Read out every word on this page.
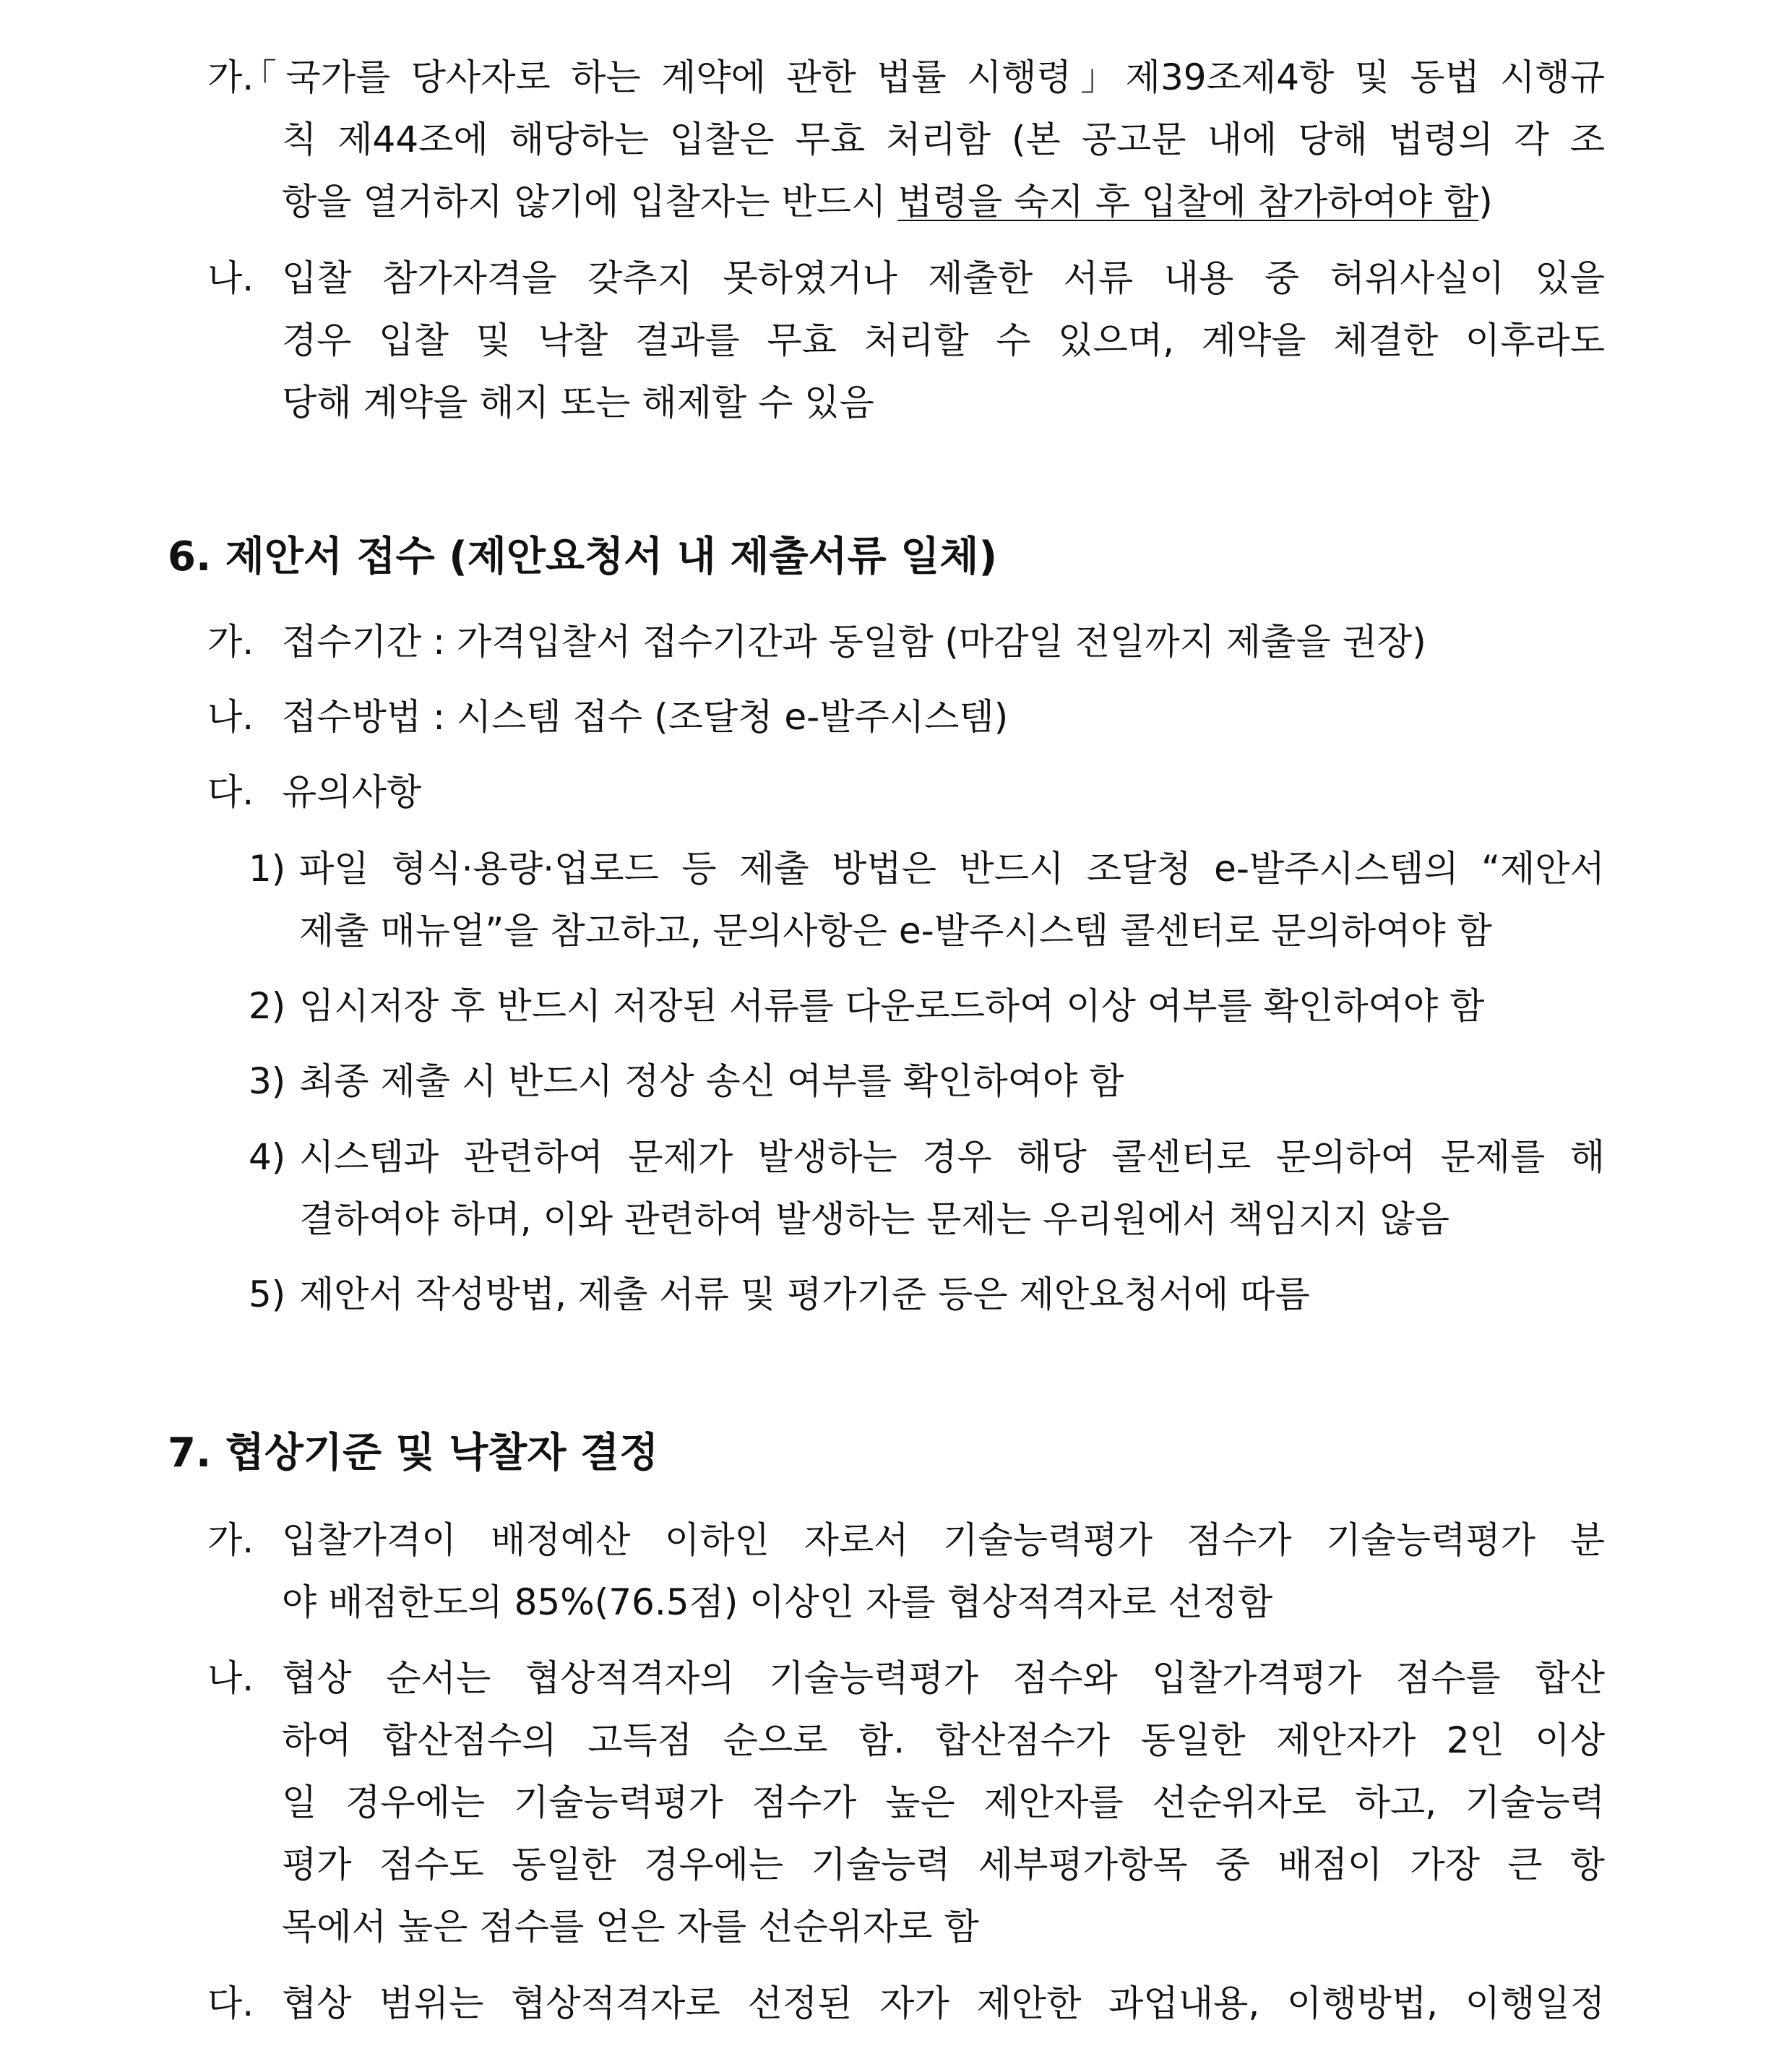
가.
「국가를 당사자로 하는 계약에 관한 법률 시행령」제39조제4항 및 동법 시행규
칙 제44조에 해당하는 입찰은 무효 처리함 (본 공고문 내에 당해 법령의 각 조
항을 열거하지 않기에 입찰자는 반드시 법령을 숙지 후 입찰에 참가하여야 함)
나. 입찰 참가자격을 갖추지 못하였거나 제출한 서류 내용 중 허위사실이 있을
경우 입찰 및 낙찰 결과를 무효 처리할 수 있으며, 계약을 체결한 이후라도
당해 계약을 해지 또는 해제할 수 있음
6. 제안서 접수 (제안요청서 내 제출서류 일체)
가. 접수기간 : 가격입찰서 접수기간과 동일함 (마감일 전일까지 제출을 권장)
나. 접수방법 : 시스템 접수 (조달청 e-발주시스템)
다. 유의사항
1) 파일 형식·용량·업로드 등 제출 방법은 반드시 조달청 e-발주시스템의 “제안서
제출 매뉴얼”을 참고하고, 문의사항은 e-발주시스템 콜센터로 문의하여야 함
2) 임시저장 후 반드시 저장된 서류를 다운로드하여 이상 여부를 확인하여야 함
3) 최종 제출 시 반드시 정상 송신 여부를 확인하여야 함
4) 시스템과 관련하여 문제가 발생하는 경우 해당 콜센터로 문의하여 문제를 해
결하여야 하며, 이와 관련하여 발생하는 문제는 우리원에서 책임지지 않음
5) 제안서 작성방법, 제출 서류 및 평가기준 등은 제안요청서에 따름
7. 협상기준 및 낙찰자 결정
가. 입찰가격이 배정예산 이하인 자로서 기술능력평가 점수가 기술능력평가 분
야 배점한도의 85%(76.5점) 이상인 자를 협상적격자로 선정함
나. 협상 순서는 협상적격자의 기술능력평가 점수와 입찰가격평가 점수를 합산
하여 합산점수의 고득점 순으로 함. 합산점수가 동일한 제안자가 2인 이상
일 경우에는 기술능력평가 점수가 높은 제안자를 선순위자로 하고, 기술능력
평가 점수도 동일한 경우에는 기술능력 세부평가항목 중 배점이 가장 큰 항
목에서 높은 점수를 얻은 자를 선순위자로 함
다. 협상 범위는 협상적격자로 선정된 자가 제안한 과업내용, 이행방법, 이행일정
